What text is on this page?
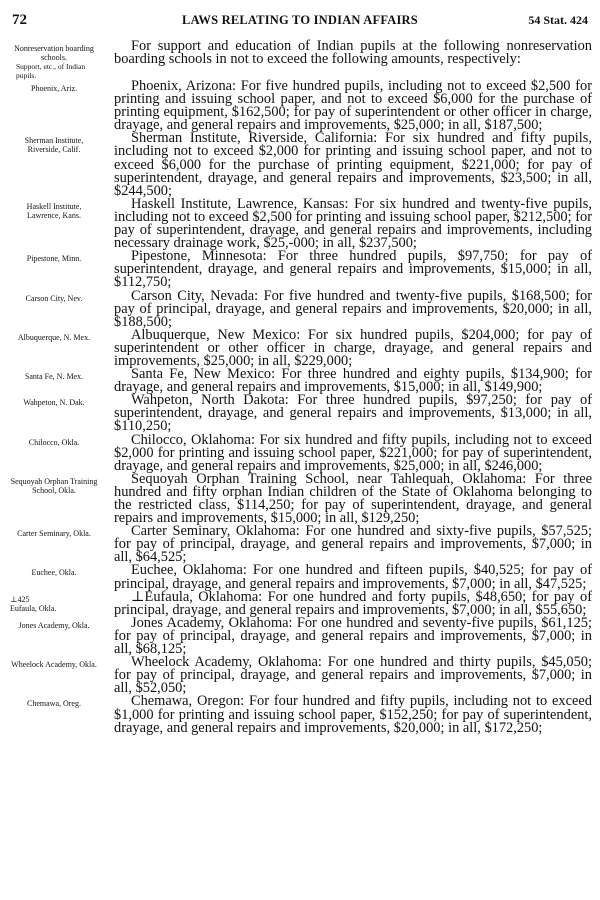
72	LAWS RELATING TO INDIAN AFFAIRS	54 Stat. 424
Nonreservation boarding schools.
Support, etc., of Indian pupils.
For support and education of Indian pupils at the following nonreservation boarding schools in not to exceed the following amounts, respectively:
Phoenix, Ariz.	Phoenix, Arizona: For five hundred pupils, including not to exceed $2,500 for printing and issuing school paper, and not to exceed $6,000 for the purchase of printing equipment, $162,500; for pay of superintendent or other officer in charge, drayage, and general repairs and improvements, $25,000; in all, $187,500;
Sherman Institute, Riverside, Calif.
Sherman Institute, Riverside, California: For six hundred and fifty pupils, including not to exceed $2,000 for printing and issuing school paper, and not to exceed $6,000 for the purchase of printing equipment, $221,000; for pay of superintendent, drayage, and general repairs and improvements, $23,500; in all, $244,500;
Haskell Institute, Lawrence, Kans.
Haskell Institute, Lawrence, Kansas: For six hundred and twenty-five pupils, including not to exceed $2,500 for printing and issuing school paper, $212,500; for pay of superintendent, drayage, and general repairs and improvements, including necessary drainage work, $25,-000; in all, $237,500;
Pipestone, Minn.	Pipestone, Minnesota: For three hundred pupils, $97,750; for pay of superintendent, drayage, and general repairs and improvements, $15,000; in all, $112,750;
Carson City, Nev.	Carson City, Nevada: For five hundred and twenty-five pupils, $168,500; for pay of principal, drayage, and general repairs and improvements, $20,000; in all, $188,500;
Albuquerque, N. Mex.	Albuquerque, New Mexico: For six hundred pupils, $204,000; for pay of superintendent or other officer in charge, drayage, and general repairs and improvements, $25,000; in all, $229,000;
Santa Fe, N. Mex.	Santa Fe, New Mexico: For three hundred and eighty pupils, $134,900; for drayage, and general repairs and improvements, $15,000; in all, $149,900;
Wahpeton, N. Dak.	Wahpeton, North Dakota: For three hundred pupils, $97,250; for pay of superintendent, drayage, and general repairs and improvements, $13,000; in all, $110,250;
Chilocco, Okla.	Chilocco, Oklahoma: For six hundred and fifty pupils, including not to exceed $2,000 for printing and issuing school paper, $221,000; for pay of superintendent, drayage, and general repairs and improvements, $25,000; in all, $246,000;
Sequoyah Orphan Training School, Okla.
Sequoyah Orphan Training School, near Tahlequah, Oklahoma: For three hundred and fifty orphan Indian children of the State of Oklahoma belonging to the restricted class, $114,250; for pay of superintendent, drayage, and general repairs and improvements, $15,000; in all, $129,250;
Carter Seminary, Okla.	Carter Seminary, Oklahoma: For one hundred and sixty-five pupils, $57,525; for pay of principal, drayage, and general repairs and improvements, $7,000; in all, $64,525;
Euchee, Okla.	Euchee, Oklahoma: For one hundred and fifteen pupils, $40,525; for pay of principal, drayage, and general repairs and improvements, $7,000; in all, $47,525;
⊥425
Eufaula, Okla.
⊥Eufaula, Oklahoma: For one hundred and forty pupils, $48,650; for pay of principal, drayage, and general repairs and improvements, $7,000; in all, $55,650;
Jones Academy, Okla.	Jones Academy, Oklahoma: For one hundred and seventy-five pupils, $61,125; for pay of principal, drayage, and general repairs and improvements, $7,000; in all, $68,125;
Wheelock Academy, Okla.	Wheelock Academy, Oklahoma: For one hundred and thirty pupils, $45,050; for pay of principal, drayage, and general repairs and improvements, $7,000; in all, $52,050;
Chemawa, Oreg.	Chemawa, Oregon: For four hundred and fifty pupils, including not to exceed $1,000 for printing and issuing school paper, $152,250; for pay of superintendent, drayage, and general repairs and improvements, $20,000; in all, $172,250;
